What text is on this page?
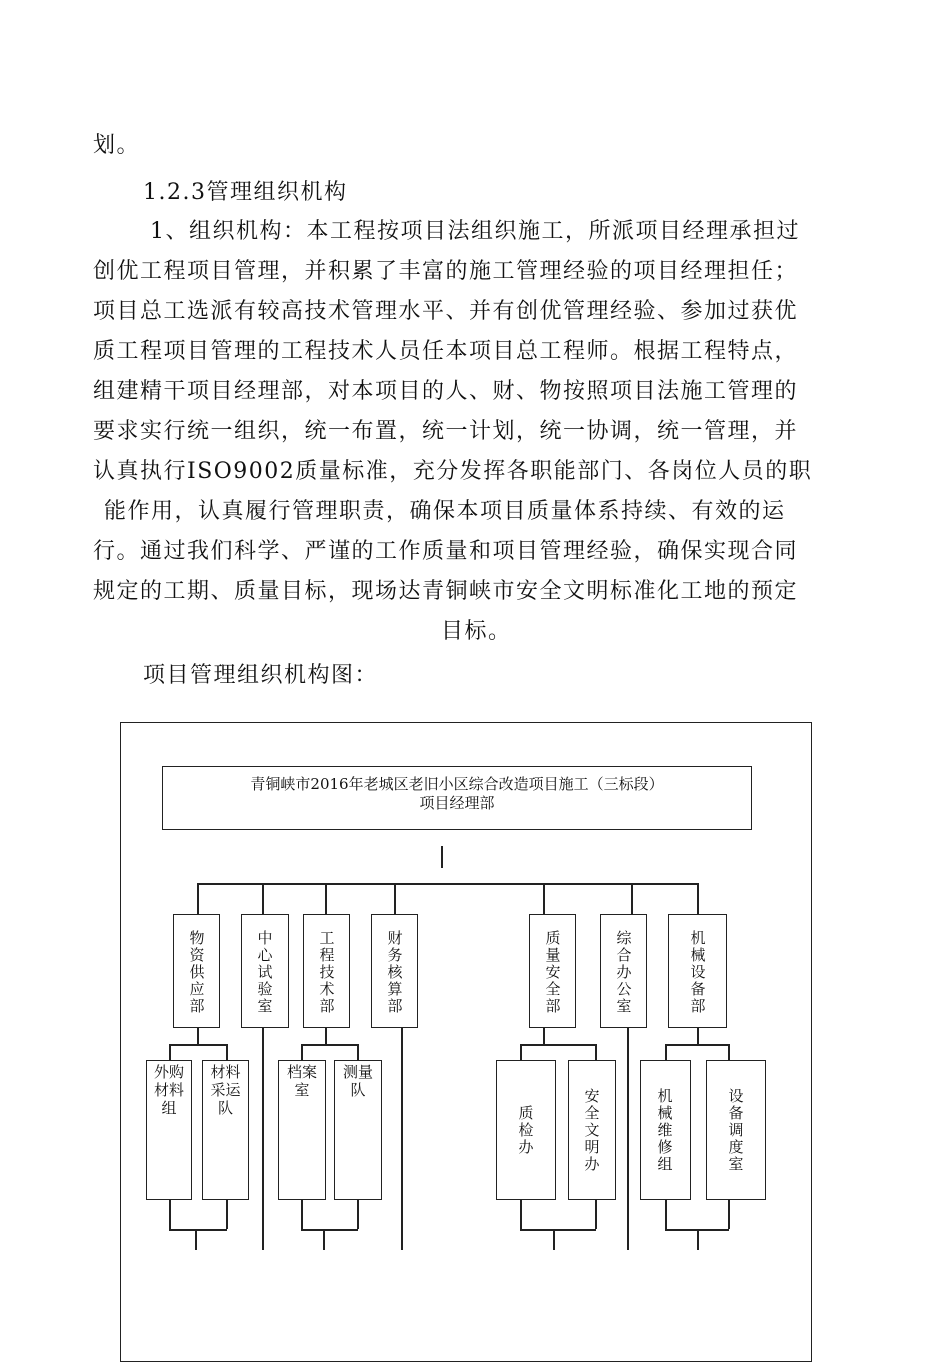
划。
1.2.3管理组织机构
1、组织机构：本工程按项目法组织施工，所派项目经理承担过
创优工程项目管理，并积累了丰富的施工管理经验的项目经理担任；
项目总工选派有较高技术管理水平、并有创优管理经验、参加过获优
质工程项目管理的工程技术人员任本项目总工程师。根据工程特点，
组建精干项目经理部，对本项目的人、财、物按照项目法施工管理的
要求实行统一组织，统一布置，统一计划，统一协调，统一管理，并
认真执行ISO9002质量标准，充分发挥各职能部门、各岗位人员的职
能作用，认真履行管理职责，确保本项目质量体系持续、有效的运
行。通过我们科学、严谨的工作质量和项目管理经验，确保实现合同
规定的工期、质量目标，现场达青铜峡市安全文明标准化工地的预定
目标。
项目管理组织机构图：
青铜峡市2016年老城区老旧小区综合改造项目施工（三标段）
项目经理部
物资供应部
中心试验室
工程技术部
财务核算部
质量安全部
综合办公室
机械设备部
外购材料组
材料采运队
档案室
测量队
质检办
安全文明办
机械维修组
设备调度室
